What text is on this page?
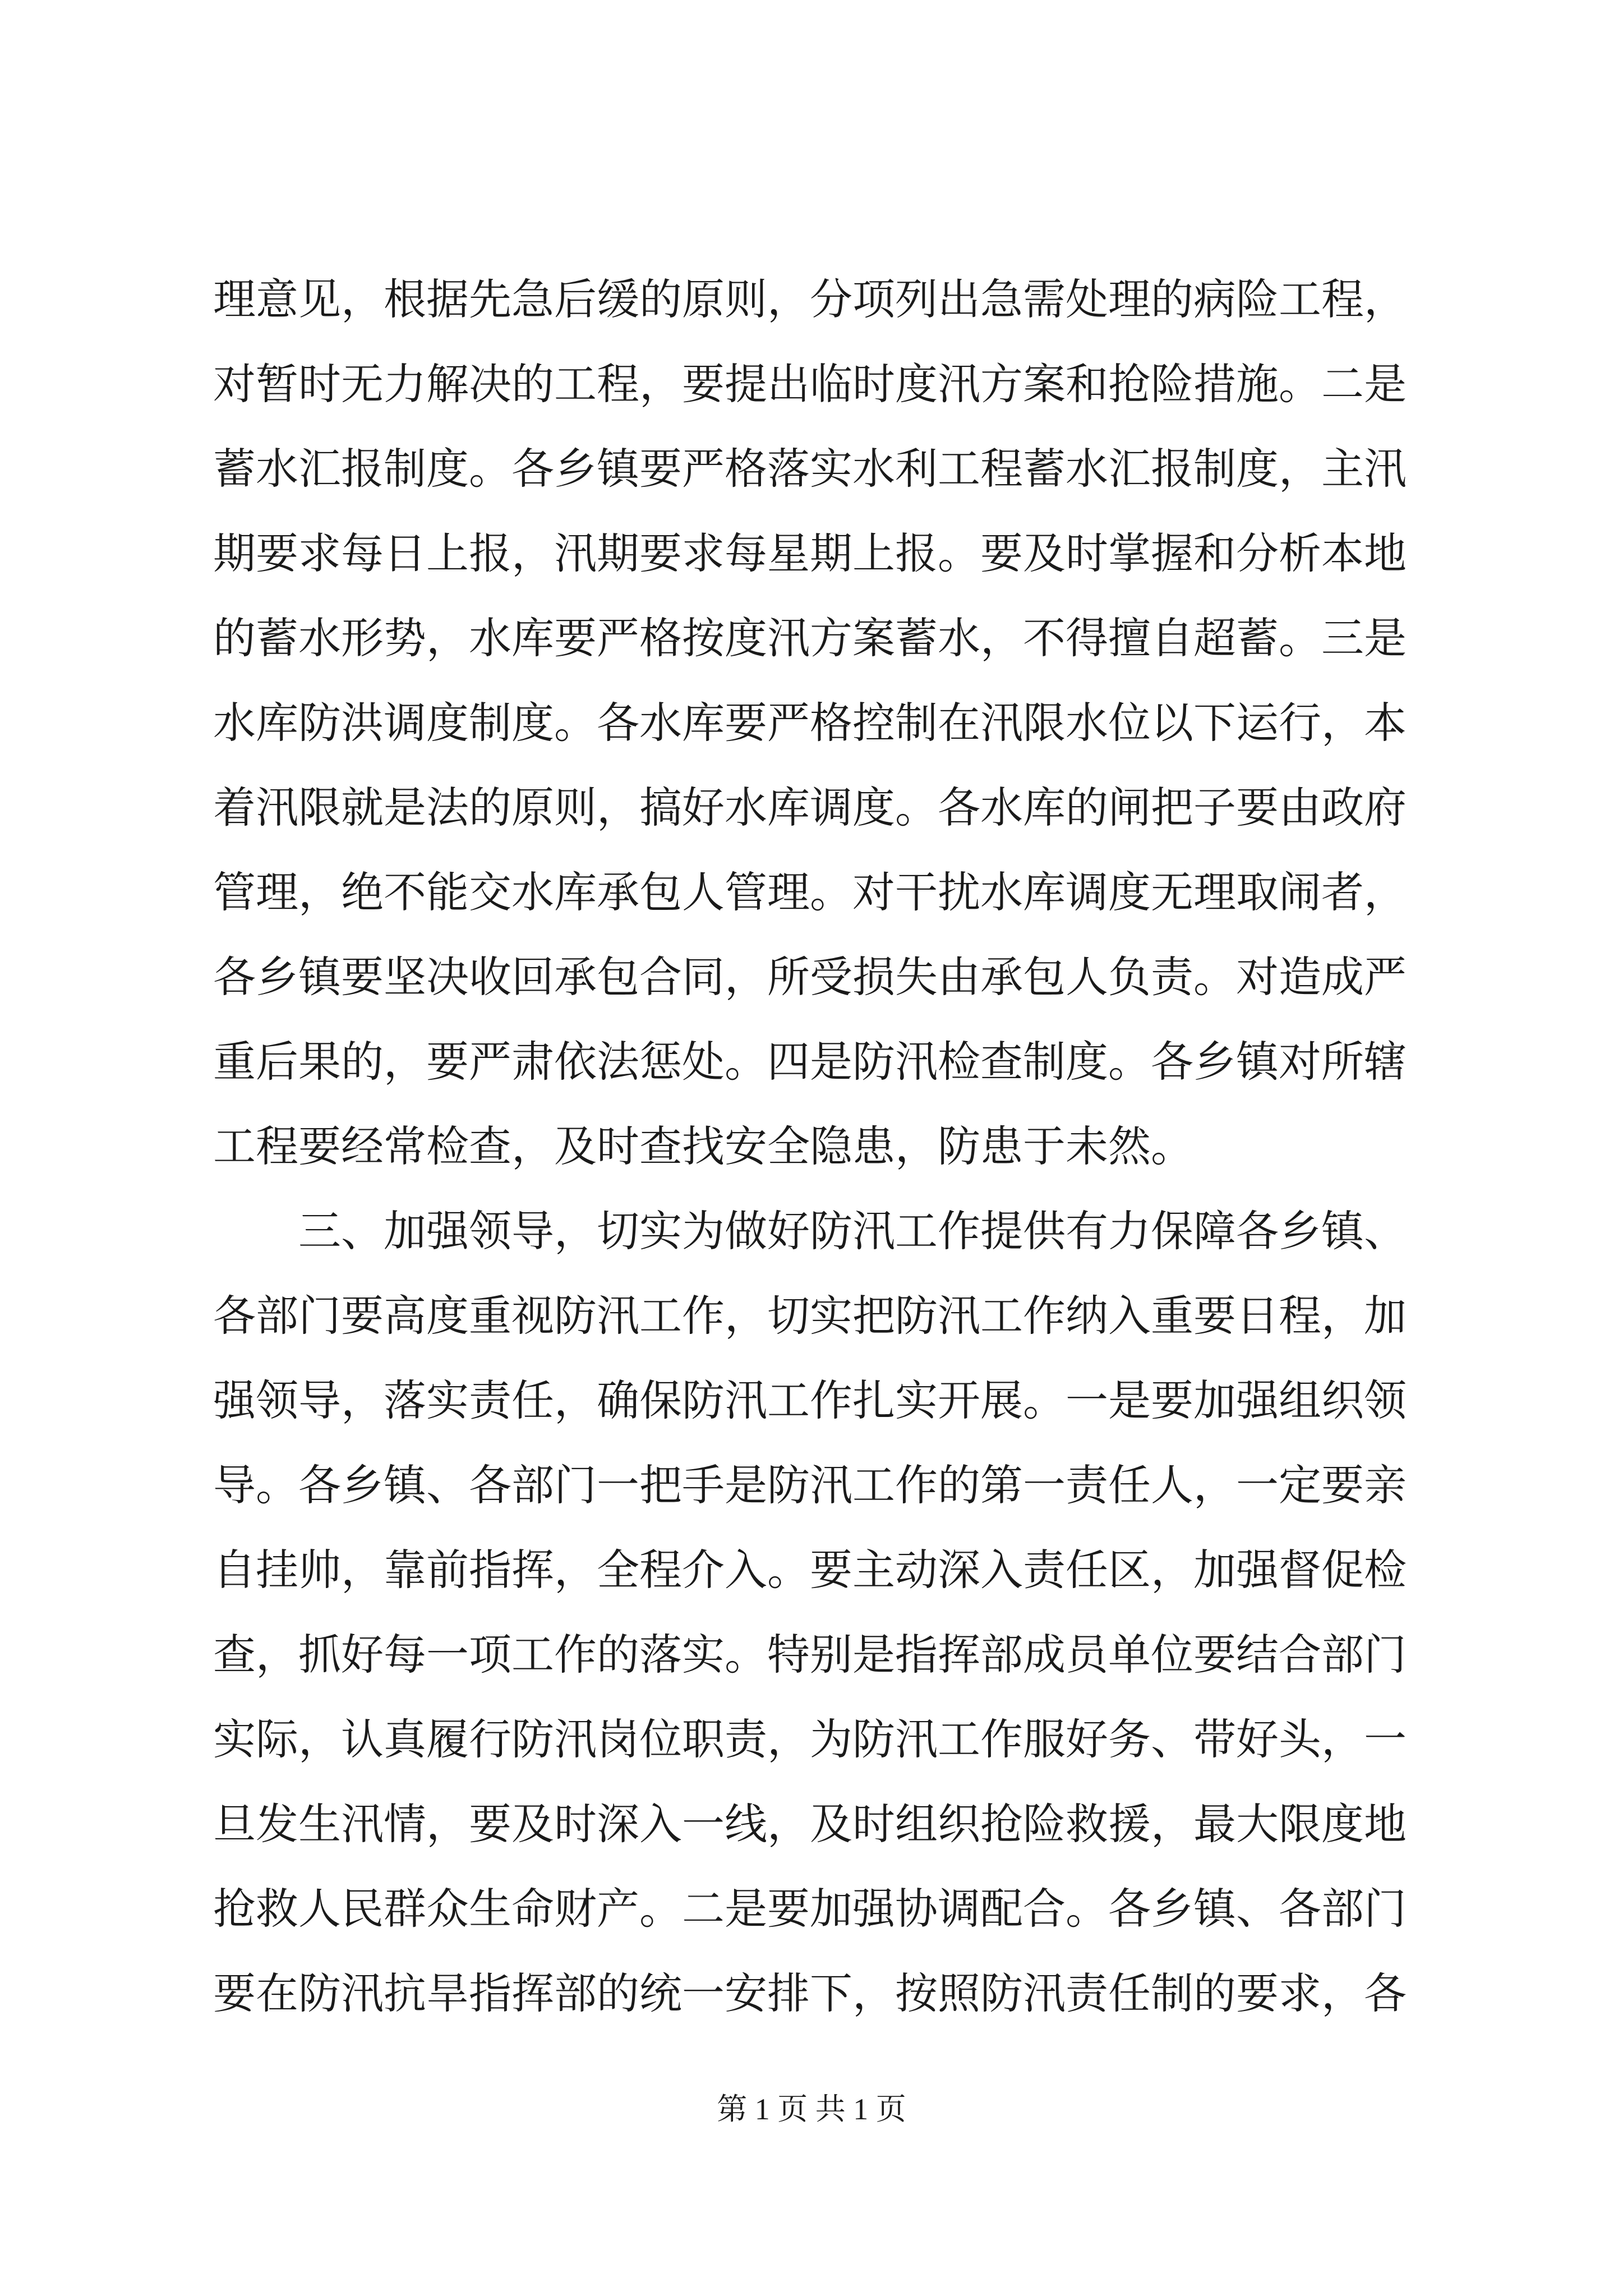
理意见，根据先急后缓的原则，分项列出急需处理的病险工程，
对暂时无力解决的工程，要提出临时度汛方案和抢险措施。二是
蓄水汇报制度。各乡镇要严格落实水利工程蓄水汇报制度，主汛
期要求每日上报，汛期要求每星期上报。要及时掌握和分析本地
的蓄水形势，水库要严格按度汛方案蓄水，不得擅自超蓄。三是
水库防洪调度制度。各水库要严格控制在汛限水位以下运行，本
着汛限就是法的原则，搞好水库调度。各水库的闸把子要由政府
管理，绝不能交水库承包人管理。对干扰水库调度无理取闹者，
各乡镇要坚决收回承包合同，所受损失由承包人负责。对造成严
重后果的，要严肃依法惩处。四是防汛检查制度。各乡镇对所辖
工程要经常检查，及时查找安全隐患，防患于未然。
　　三、加强领导，切实为做好防汛工作提供有力保障各乡镇、
各部门要高度重视防汛工作，切实把防汛工作纳入重要日程，加
强领导，落实责任，确保防汛工作扎实开展。一是要加强组织领
导。各乡镇、各部门一把手是防汛工作的第一责任人，一定要亲
自挂帅，靠前指挥，全程介入。要主动深入责任区，加强督促检
查，抓好每一项工作的落实。特别是指挥部成员单位要结合部门
实际，认真履行防汛岗位职责，为防汛工作服好务、带好头，一
旦发生汛情，要及时深入一线，及时组织抢险救援，最大限度地
抢救人民群众生命财产。二是要加强协调配合。各乡镇、各部门
要在防汛抗旱指挥部的统一安排下，按照防汛责任制的要求，各
第 1 页 共 1 页
